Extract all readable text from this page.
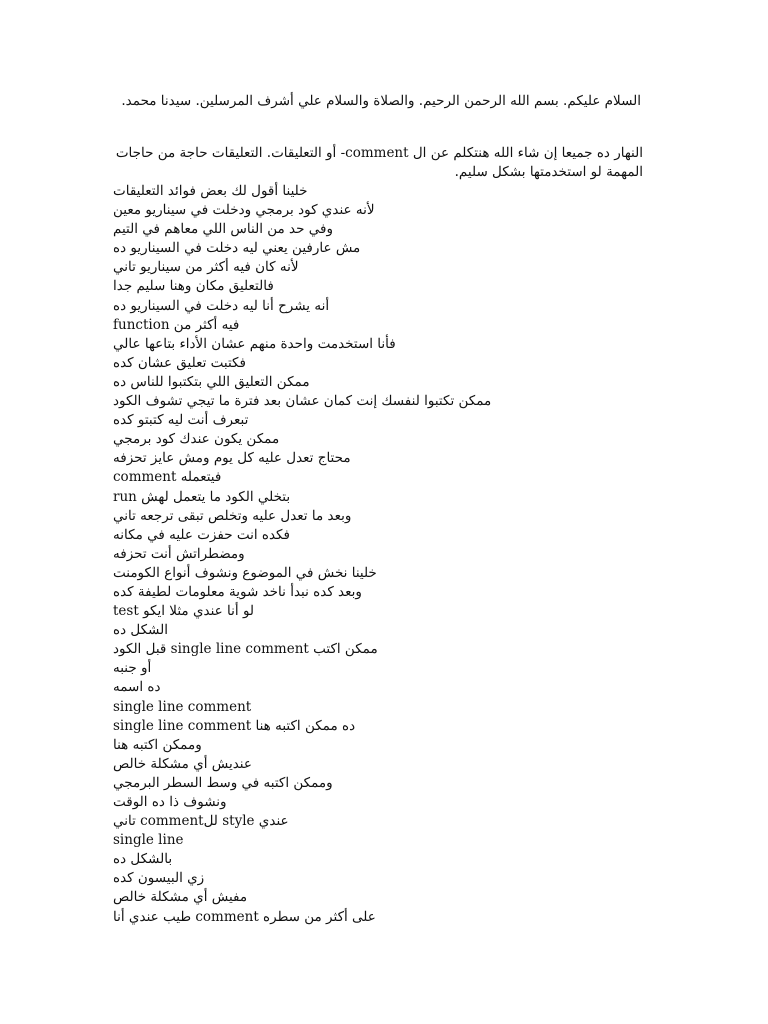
السلام عليكم. بسم الله الرحمن الرحيم. والصلاة والسلام علي أشرف المرسلين. سيدنا محمد.
النهار ده جميعا إن شاء الله هنتكلم عن ال comment- أو التعليقات. التعليقات حاجة من حاجات المهمة لو استخدمتها بشكل سليم.
خلينا أقول لك بعض فوائد التعليقات
لأنه عندي كود برمجي ودخلت في سيناريو معين
وفي حد من الناس اللي معاهم في التيم
مش عارفين يعني ليه دخلت في السيناريو ده
لأنه كان فيه أكثر من سيناريو تاني
فالتعليق مكان وهنا سليم جدا
أنه يشرح أنا ليه دخلت في السيناريو ده
فيه أكثر من function
فأنا استخدمت واحدة منهم عشان الأداء بتاعها عالي
فكتبت تعليق عشان كده
ممكن التعليق اللي بتكتبوا للناس ده
ممكن تكتبوا لنفسك إنت كمان عشان بعد فترة ما تيجي تشوف الكود
تبعرف أنت ليه كتبتو كده
ممكن يكون عندك كود برمجي
محتاج تعدل عليه كل يوم ومش عايز تحزفه
فيتعمله comment
بتخلي الكود ما يتعمل لهش run
وبعد ما تعدل عليه وتخلص تبقى ترجعه تاني
فكده انت حفزت عليه في مكانه
ومضطراتش أنت تحزفه
خلينا نخش في الموضوع ونشوف أنواع الكومنت
وبعد كده نبدأ ناخد شوية معلومات لطيفة كده
لو أنا عندي مثلا ايكو test
الشكل ده
ممكن اكتب single line comment قبل الكود
أو جنبه
ده اسمه
single line comment
ده ممكن اكتبه هنا single line comment
وممكن اكتبه هنا
عنديش أي مشكلة خالص
وممكن اكتبه في وسط السطر البرمجي
ونشوف ذا ده الوقت
عندي style للcomment تاني
single line
بالشكل ده
زي البيسون كده
مفيش أي مشكلة خالص
على أكثر من سطره comment طيب عندي أنا
